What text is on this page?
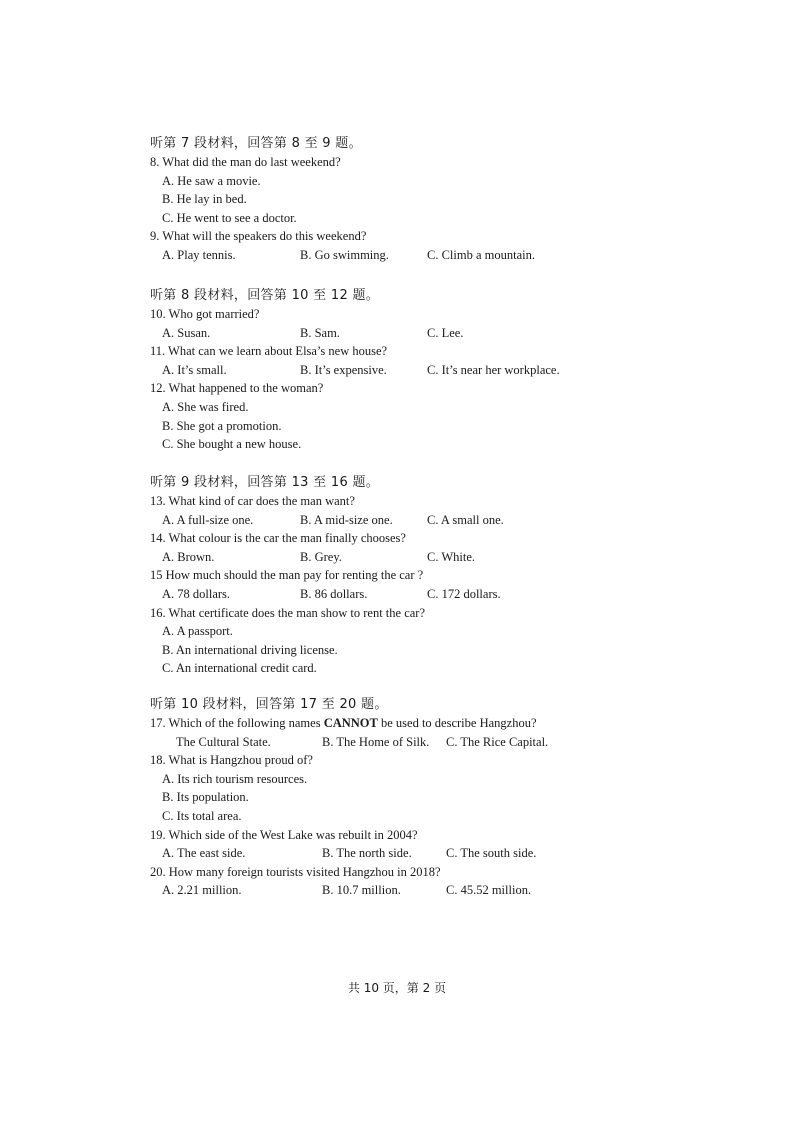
听第 7 段材料，回答第 8 至 9 题。
8. What did the man do last weekend?
A. He saw a movie.
B. He lay in bed.
C. He went to see a doctor.
9. What will the speakers do this weekend?
A. Play tennis.	B. Go swimming.	C. Climb a mountain.
听第 8 段材料，回答第 10 至 12 题。
10. Who got married?
A. Susan.	B. Sam.	C. Lee.
11. What can we learn about Elsa’s new house?
A. It’s small.	B. It’s expensive.	C. It’s near her workplace.
12. What happened to the woman?
A. She was fired.
B. She got a promotion.
C. She bought a new house.
听第 9 段材料，回答第 13 至 16 题。
13. What kind of car does the man want?
A. A full-size one.	B. A mid-size one.	C. A small one.
14. What colour is the car the man finally chooses?
A. Brown.	B. Grey.	C. White.
15 How much should the man pay for renting the car ?
A. 78 dollars.	B. 86 dollars.	C. 172 dollars.
16. What certificate does the man show to rent the car?
A. A passport.
B. An international driving license.
C. An international credit card.
听第 10 段材料，回答第 17 至 20 题。
17. Which of the following names CANNOT be used to describe Hangzhou?
The Cultural State.	B. The Home of Silk. C. The Rice Capital.
18. What is Hangzhou proud of?
A. Its rich tourism resources.
B. Its population.
C. Its total area.
19. Which side of the West Lake was rebuilt in 2004?
A. The east side.	B. The north side.	C. The south side.
20. How many foreign tourists visited Hangzhou in 2018?
A. 2.21 million.	B. 10.7 million.	C. 45.52 million.
共 10 页，第 2 页
